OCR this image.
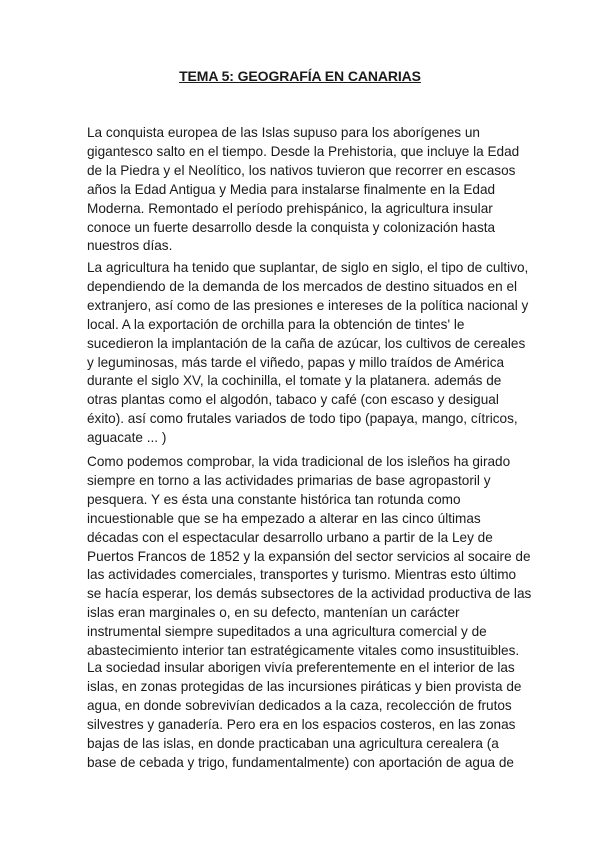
TEMA 5: GEOGRAFÍA EN CANARIAS
La conquista europea de las Islas supuso para los aborígenes un
gigantesco salto en el tiempo. Desde la Prehistoria, que incluye la Edad
de la Piedra y el Neolítico, los nativos tuvieron que recorrer en escasos
años la Edad Antigua y Media para instalarse finalmente en la Edad
Moderna. Remontado el período prehispánico, la agricultura insular
conoce un fuerte desarrollo desde la conquista y colonización hasta
nuestros días.
La agricultura ha tenido que suplantar, de siglo en siglo, el tipo de cultivo,
dependiendo de la demanda de los mercados de destino situados en el
extranjero, así como de las presiones e intereses de la política nacional y
local. A la exportación de orchilla para la obtención de tintes' le
sucedieron la implantación de la caña de azúcar, los cultivos de cereales
y leguminosas, más tarde el viñedo, papas y millo traídos de América
durante el siglo XV, la cochinilla, el tomate y la platanera. además de
otras plantas como el algodón, tabaco y café (con escaso y desigual
éxito). así como frutales variados de todo tipo (papaya, mango, cítricos,
aguacate ... )
Como podemos comprobar, la vida tradicional de los isleños ha girado
siempre en torno a las actividades primarias de base agropastoril y
pesquera. Y es ésta una constante histórica tan rotunda como
incuestionable que se ha empezado a alterar en las cinco últimas
décadas con el espectacular desarrollo urbano a partir de la Ley de
Puertos Francos de 1852 y la expansión del sector servicios al socaire de
las actividades comerciales, transportes y turismo. Mientras esto último
se hacía esperar, los demás subsectores de la actividad productiva de las
islas eran marginales o, en su defecto, mantenían un carácter
instrumental siempre supeditados a una agricultura comercial y de
abastecimiento interior tan estratégicamente vitales como insustituibles.
La sociedad insular aborigen vivía preferentemente en el interior de las
islas, en zonas protegidas de las incursiones piráticas y bien provista de
agua, en donde sobrevivían dedicados a la caza, recolección de frutos
silvestres y ganadería. Pero era en los espacios costeros, en las zonas
bajas de las islas, en donde practicaban una agricultura cerealera (a
base de cebada y trigo, fundamentalmente) con aportación de agua de
